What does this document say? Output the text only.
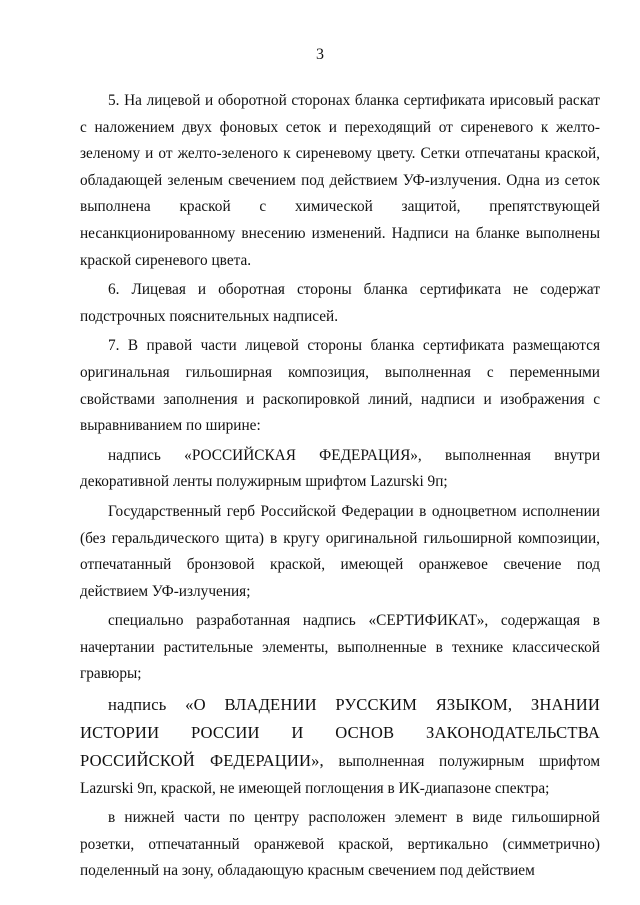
3

5. На лицевой и оборотной сторонах бланка сертификата ирисовый раскат с наложением двух фоновых сеток и переходящий от сиреневого к желто-зеленому и от желто-зеленого к сиреневому цвету. Сетки отпечатаны краской, обладающей зеленым свечением под действием УФ-излучения. Одна из сеток выполнена краской с химической защитой, препятствующей несанкционированному внесению изменений. Надписи на бланке выполнены краской сиреневого цвета.

6. Лицевая и оборотная стороны бланка сертификата не содержат подстрочных пояснительных надписей.

7. В правой части лицевой стороны бланка сертификата размещаются оригинальная гильоширная композиция, выполненная с переменными свойствами заполнения и раскопировкой линий, надписи и изображения с выравниванием по ширине:

надпись «РОССИЙСКАЯ ФЕДЕРАЦИЯ», выполненная внутри декоративной ленты полужирным шрифтом Lazurski 9п;

Государственный герб Российской Федерации в одноцветном исполнении (без геральдического щита) в кругу оригинальной гильоширной композиции, отпечатанный бронзовой краской, имеющей оранжевое свечение под действием УФ-излучения;

специально разработанная надпись «СЕРТИФИКАТ», содержащая в начертании растительные элементы, выполненные в технике классической гравюры;

надпись «О ВЛАДЕНИИ РУССКИМ ЯЗЫКОМ, ЗНАНИИ ИСТОРИИ РОССИИ И ОСНОВ ЗАКОНОДАТЕЛЬСТВА РОССИЙСКОЙ ФЕДЕРАЦИИ», выполненная полужирным шрифтом Lazurski 9п, краской, не имеющей поглощения в ИК-диапазоне спектра;

в нижней части по центру расположен элемент в виде гильоширной розетки, отпечатанный оранжевой краской, вертикально (симметрично) поделенный на зону, обладающую красным свечением под действием
